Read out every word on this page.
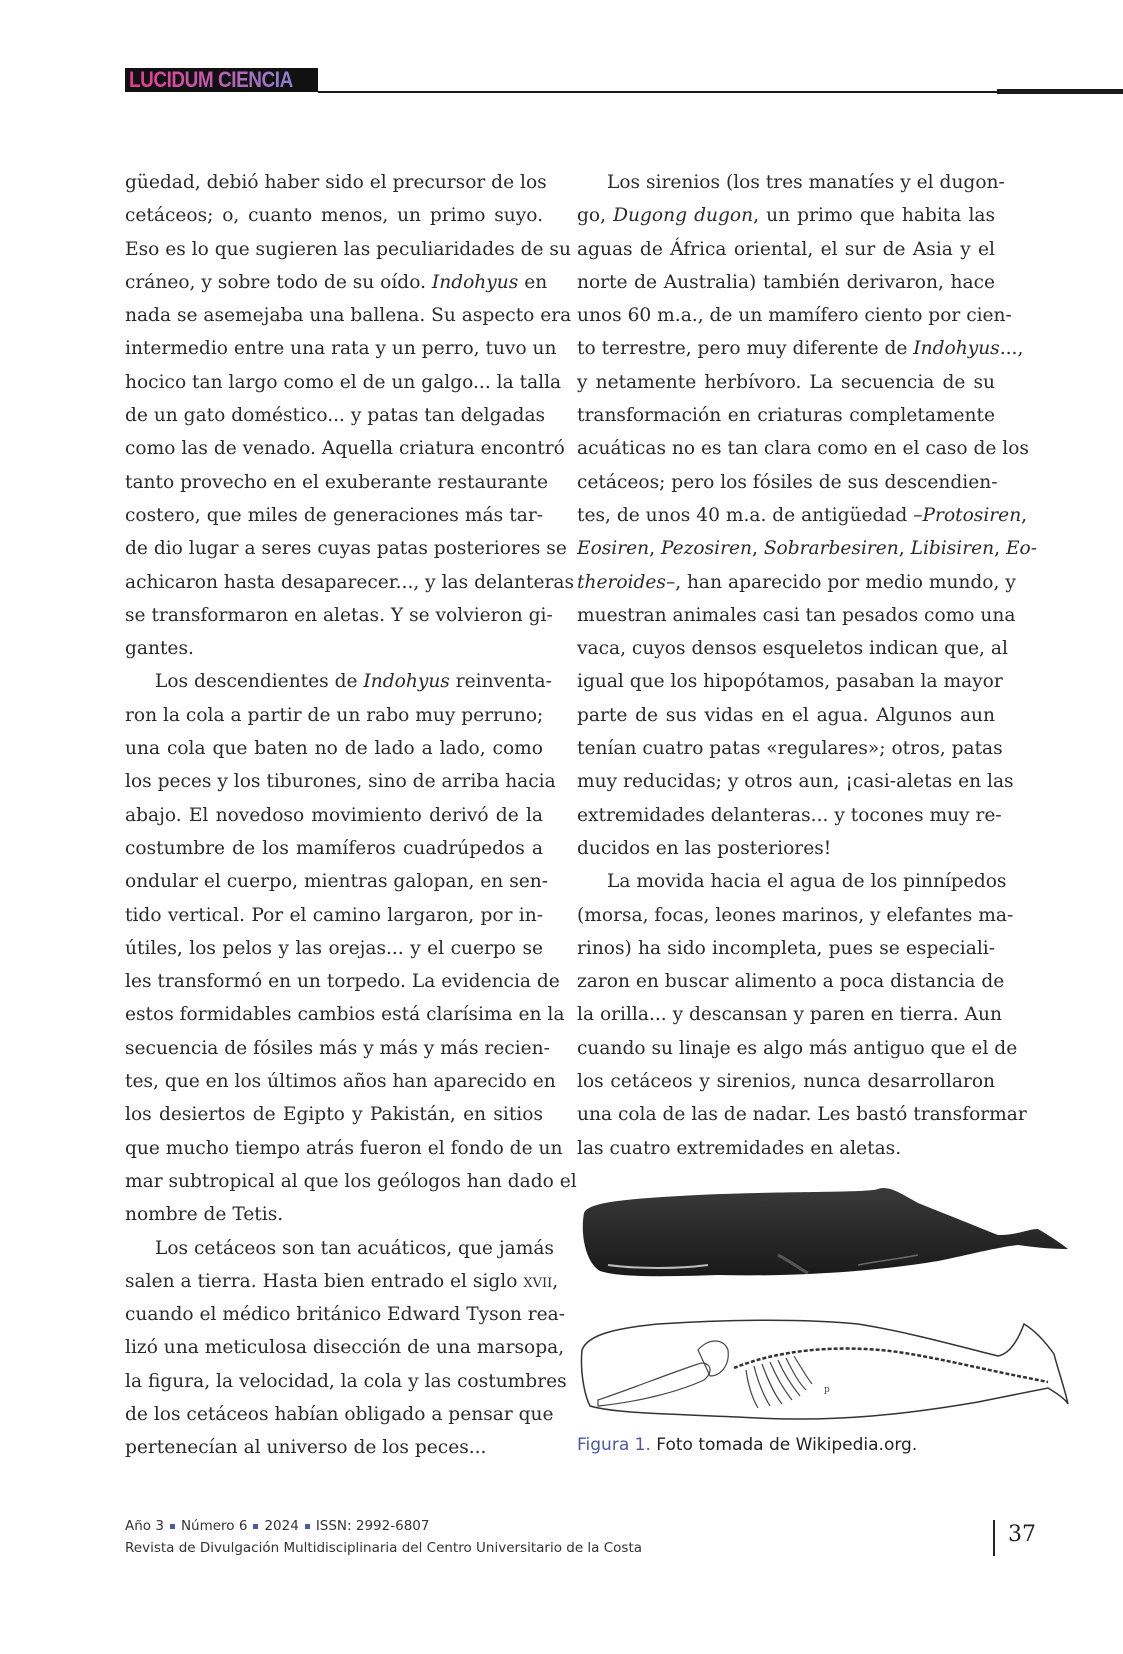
LUCIDUM CIENCIA
güedad, debió haber sido el precursor de los
cetáceos; o, cuanto menos, un primo suyo.
Eso es lo que sugieren las peculiaridades de su
cráneo, y sobre todo de su oído. Indohyus en
nada se asemejaba una ballena. Su aspecto era
intermedio entre una rata y un perro, tuvo un
hocico tan largo como el de un galgo... la talla
de un gato doméstico... y patas tan delgadas
como las de venado. Aquella criatura encontró
tanto provecho en el exuberante restaurante
costero, que miles de generaciones más tar-
de dio lugar a seres cuyas patas posteriores se
achicaron hasta desaparecer..., y las delanteras
se transformaron en aletas. Y se volvieron gi-
gantes.
Los descendientes de Indohyus reinventa-
ron la cola a partir de un rabo muy perruno;
una cola que baten no de lado a lado, como
los peces y los tiburones, sino de arriba hacia
abajo. El novedoso movimiento derivó de la
costumbre de los mamíferos cuadrúpedos a
ondular el cuerpo, mientras galopan, en sen-
tido vertical. Por el camino largaron, por in-
útiles, los pelos y las orejas... y el cuerpo se
les transformó en un torpedo. La evidencia de
estos formidables cambios está clarísima en la
secuencia de fósiles más y más y más recien-
tes, que en los últimos años han aparecido en
los desiertos de Egipto y Pakistán, en sitios
que mucho tiempo atrás fueron el fondo de un
mar subtropical al que los geólogos han dado el
nombre de Tetis.
Los cetáceos son tan acuáticos, que jamás
salen a tierra. Hasta bien entrado el siglo xvii,
cuando el médico británico Edward Tyson rea-
lizó una meticulosa disección de una marsopa,
la figura, la velocidad, la cola y las costumbres
de los cetáceos habían obligado a pensar que
pertenecían al universo de los peces...
Los sirenios (los tres manatíes y el dugon-
go, Dugong dugon, un primo que habita las
aguas de África oriental, el sur de Asia y el
norte de Australia) también derivaron, hace
unos 60 m.a., de un mamífero ciento por cien-
to terrestre, pero muy diferente de Indohyus...,
y netamente herbívoro. La secuencia de su
transformación en criaturas completamente
acuáticas no es tan clara como en el caso de los
cetáceos; pero los fósiles de sus descendien-
tes, de unos 40 m.a. de antigüedad –Protosiren,
Eosiren, Pezosiren, Sobrarbesiren, Libisiren, Eo-
theroides–, han aparecido por medio mundo, y
muestran animales casi tan pesados como una
vaca, cuyos densos esqueletos indican que, al
igual que los hipopótamos, pasaban la mayor
parte de sus vidas en el agua. Algunos aun
tenían cuatro patas «regulares»; otros, patas
muy reducidas; y otros aun, ¡casi-aletas en las
extremidades delanteras... y tocones muy re-
ducidos en las posteriores!
La movida hacia el agua de los pinnípedos
(morsa, focas, leones marinos, y elefantes ma-
rinos) ha sido incompleta, pues se especiali-
zaron en buscar alimento a poca distancia de
la orilla... y descansan y paren en tierra. Aun
cuando su linaje es algo más antiguo que el de
los cetáceos y sirenios, nunca desarrollaron
una cola de las de nadar. Les bastó transformar
las cuatro extremidades en aletas.
p
Figura 1. Foto tomada de Wikipedia.org.
Año 3 Número 6 2024 ISSN: 2992-6807
Revista de Divulgación Multidisciplinaria del Centro Universitario de la Costa
37
